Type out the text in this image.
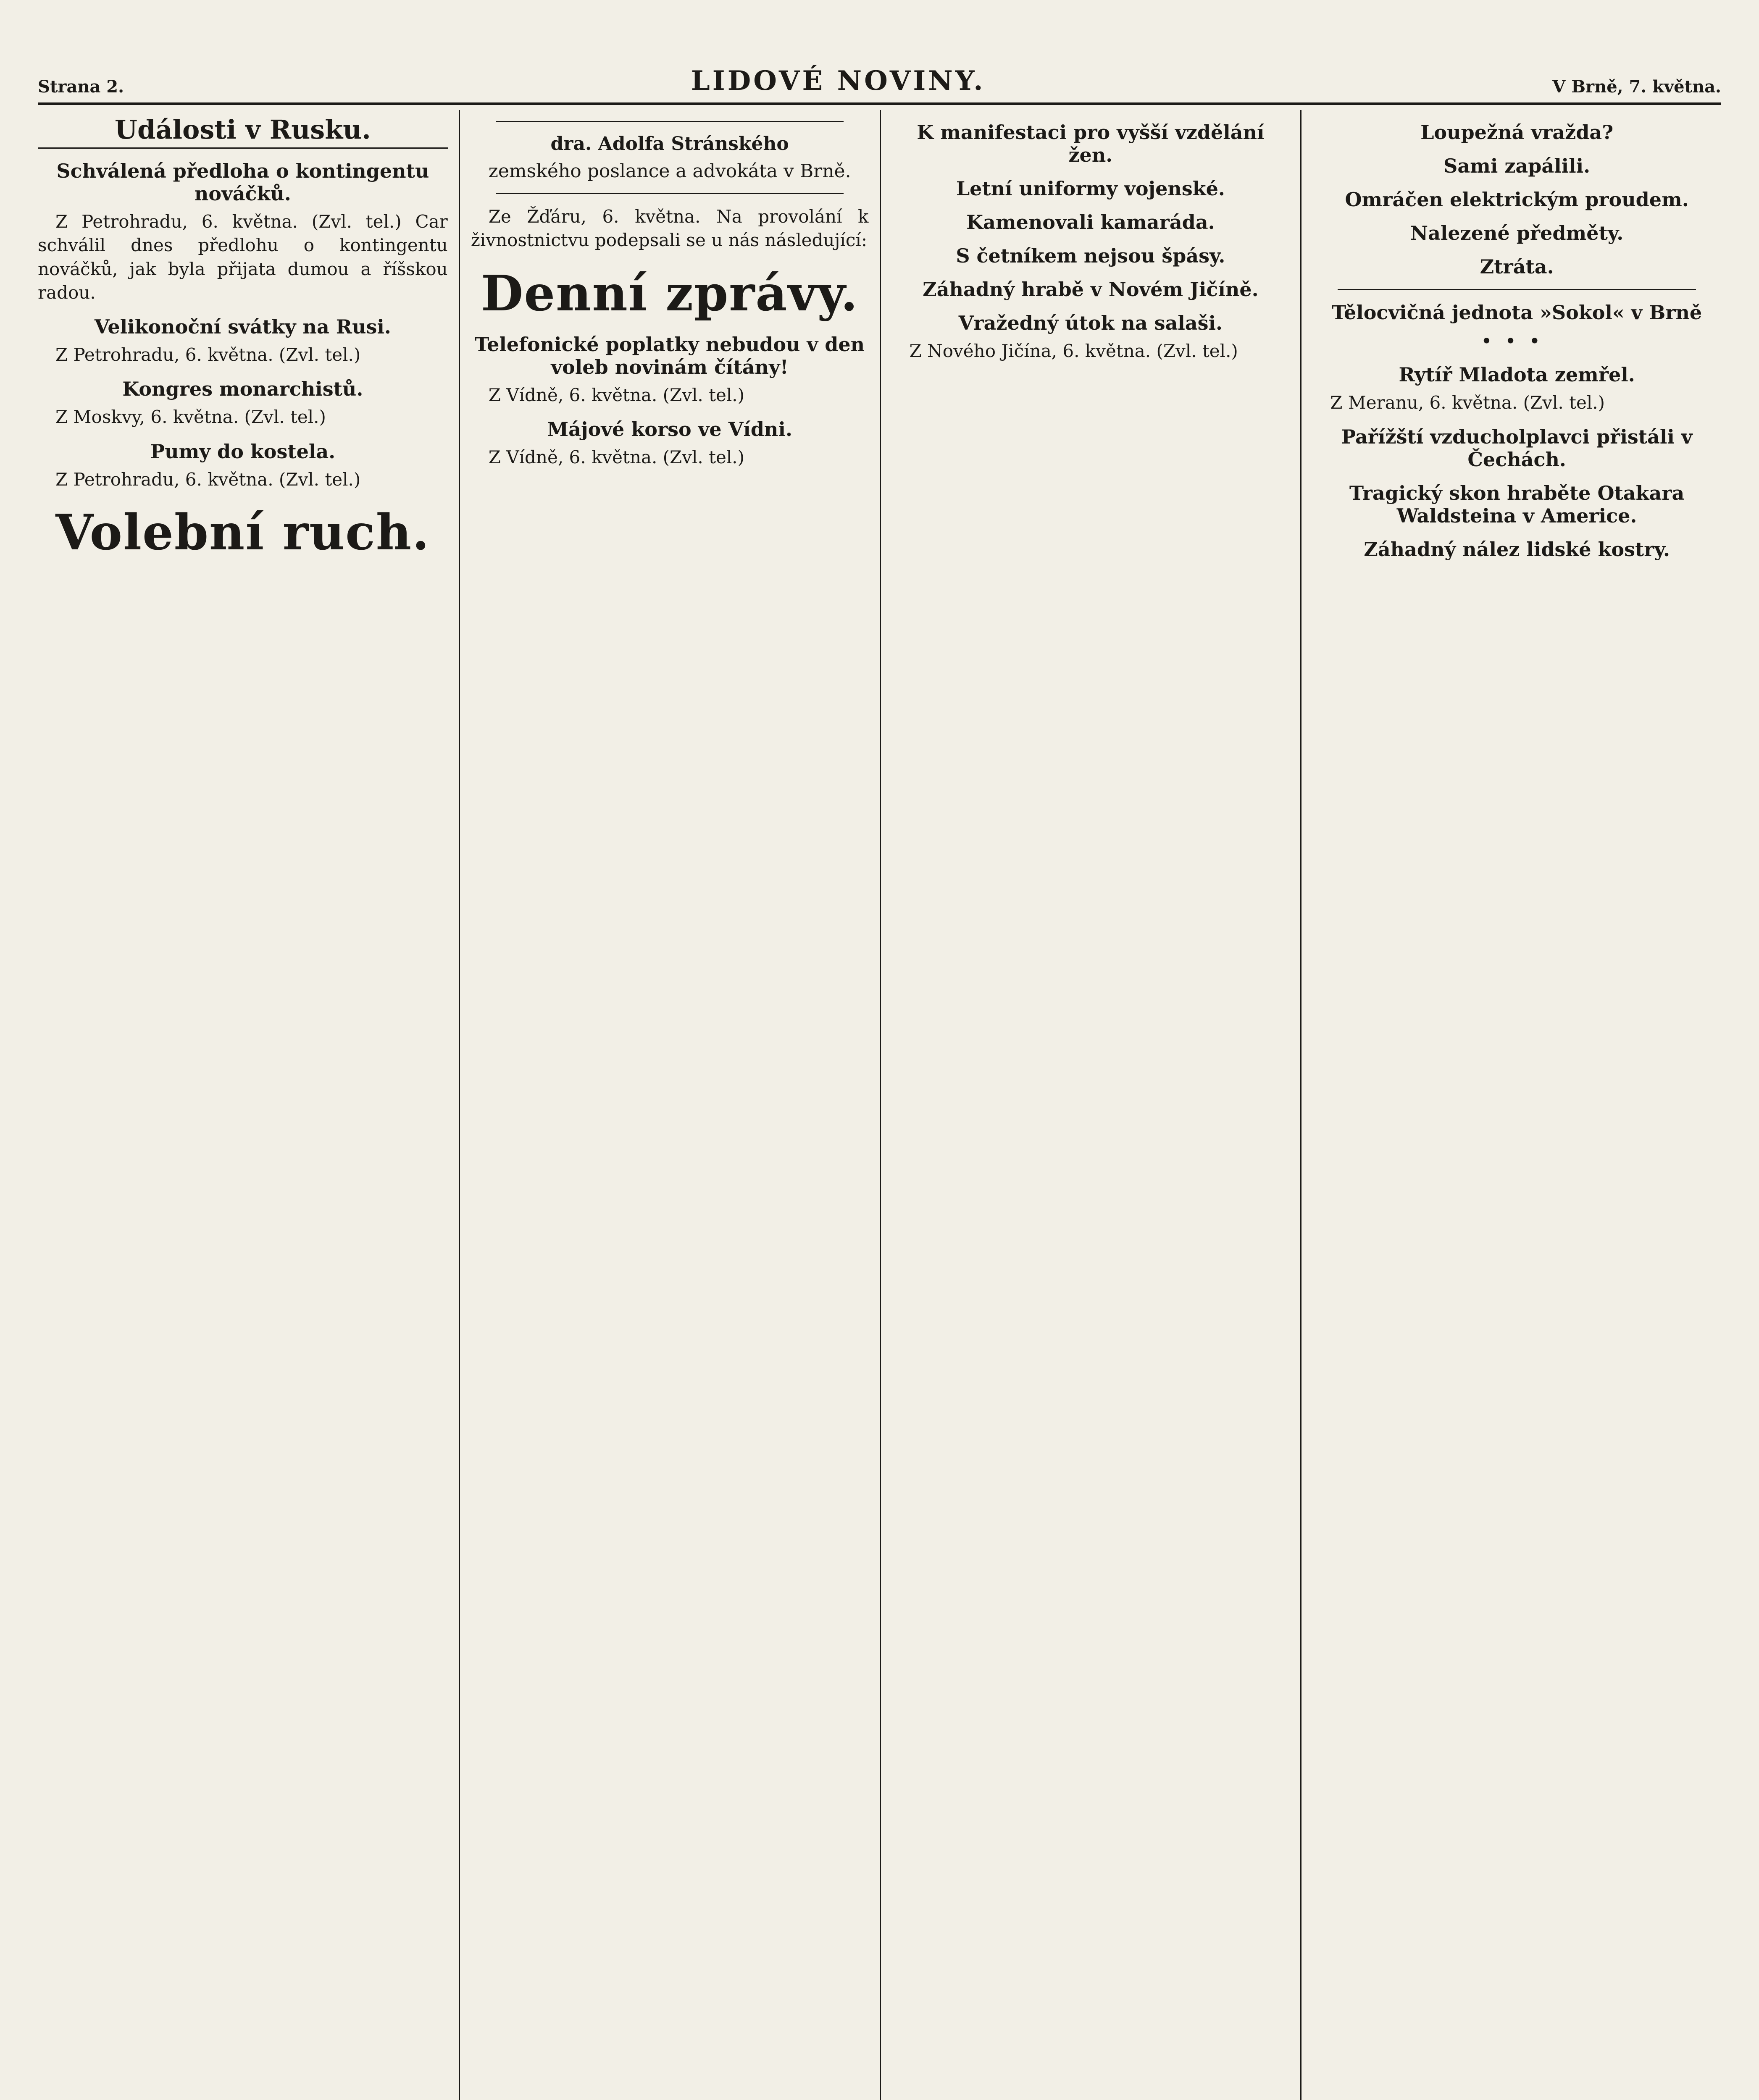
Strana 2.	LIDOVÉ NOVINY.	V Brně, 7. května.
Události v Rusku.
Schválená předloha o kontingentu nováčků.

Z Petrohradu, 6. května. (Zvl. tel.) Car schválil dnes předlohu o kontingentu nováčků, jak byla přijata dumou a říšskou radou.

Velikonoční svátky na Rusi.

Z Petrohradu, 6. května. (Zvl. tel.)

Kongres monarchistů.

Z Moskvy, 6. května. (Zvl. tel.)

Pumy do kostela.

Z Petrohradu, 6. května. (Zvl. tel.)

Volební ruch.
dra. Adolfa Stránského
zemského poslance a advokáta v Brně.

Ze Žďáru, 6. května. Na provolání k živnostnictvu podepsali se u nás následující:

Denní zprávy.
Telefonické poplatky nebudou v den voleb novinám čítány!

Z Vídně, 6. května. (Zvl. tel.)

Májové korso ve Vídni.

Z Vídně, 6. května. (Zvl. tel.)

K manifestaci pro vyšší vzdělání žen.

Letní uniformy vojenské.

Kamenovali kamaráda.

S četníkem nejsou špásy.

Záhadný hrabě v Novém Jičíně.

Vražedný útok na salaši.

Z Nového Jičína, 6. května. (Zvl. tel.)

Loupežná vražda?

Sami zapálili.

Omráčen elektrickým proudem.

Nalezené předměty.

Ztráta.

Tělocvičná jednota »Sokol« v Brně

•••
Rytíř Mladota zemřel.

Z Meranu, 6. května. (Zvl. tel.)

Pařížští vzducholplavci přistáli v Čechách.

Tragický skon hraběte Otakara Waldsteina v Americe.

Záhadný nález lidské kostry.
